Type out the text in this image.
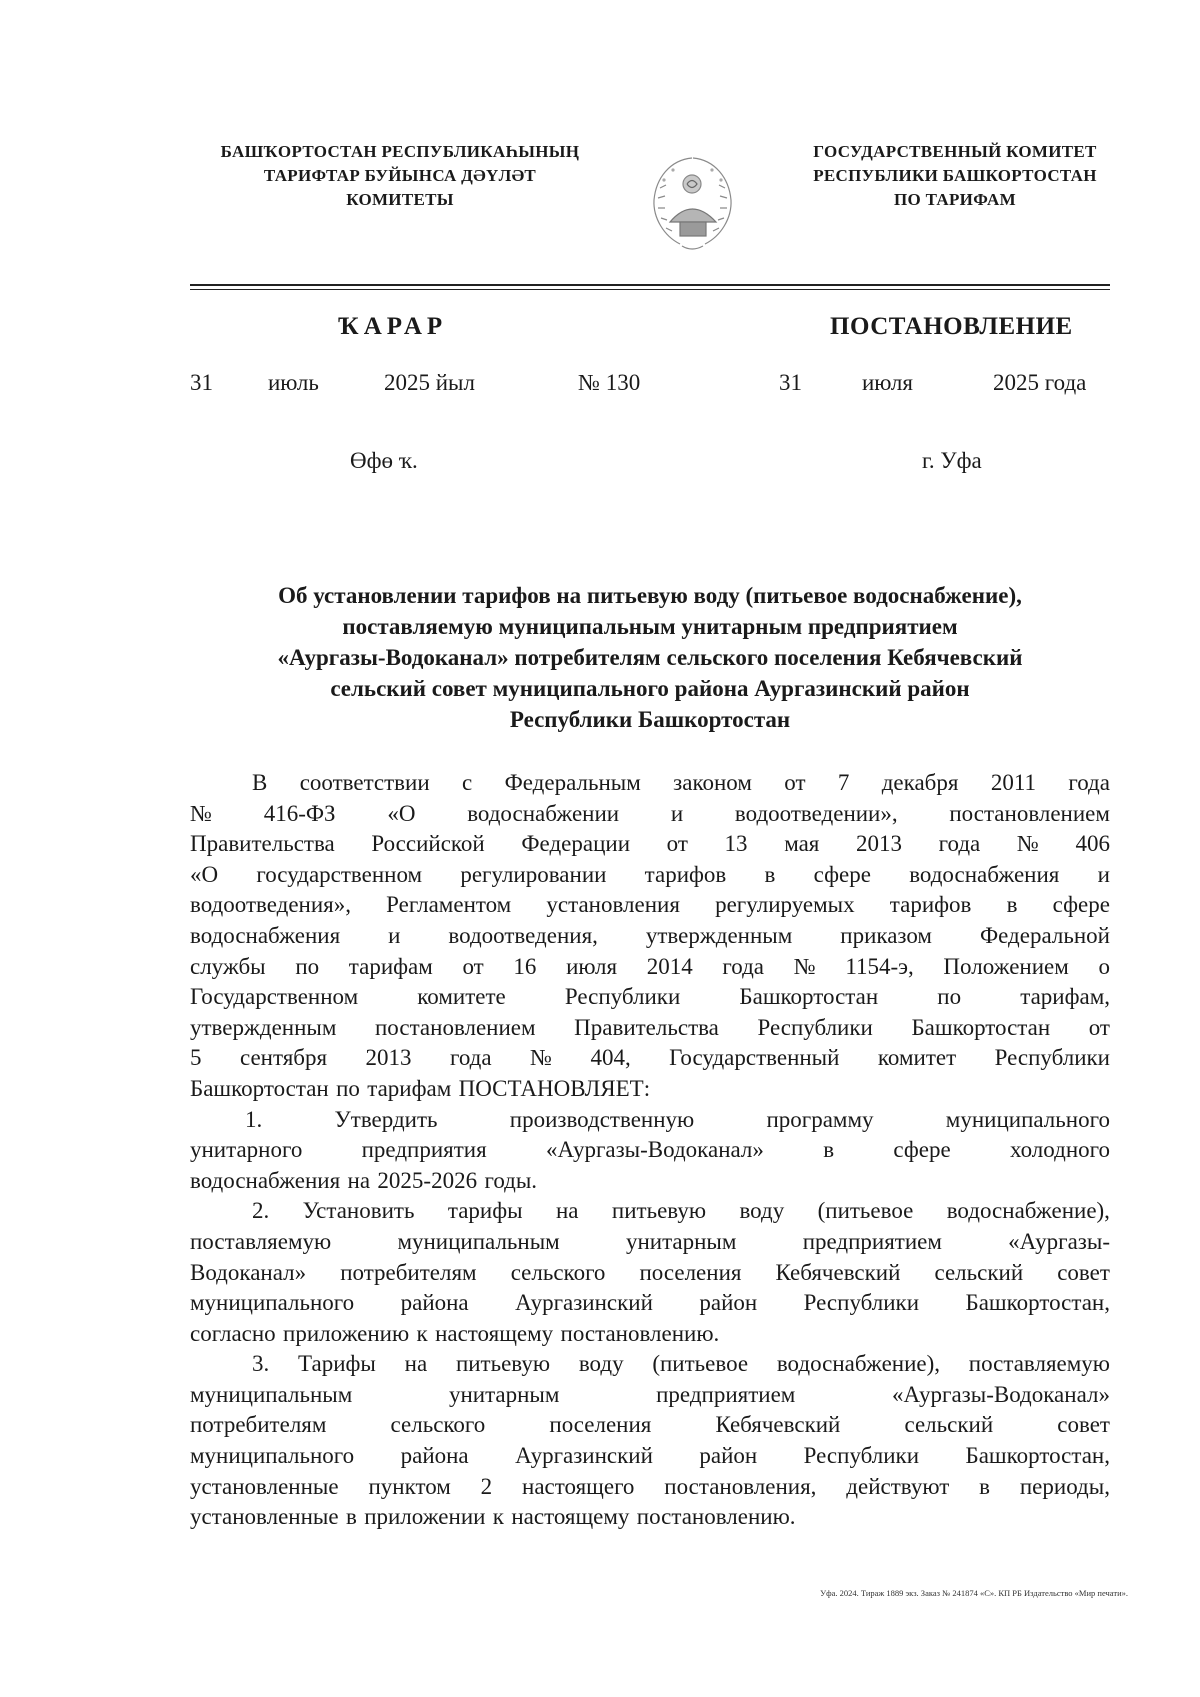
БАШҠОРТОСТАН РЕСПУБЛИКАҺЫНЫҢ
ТАРИФТАР БУЙЫНСА ДӘҮЛӘТ
КОМИТЕТЫ
ГОСУДАРСТВЕННЫЙ КОМИТЕТ
РЕСПУБЛИКИ БАШКОРТОСТАН
ПО ТАРИФАМ
ҠАРАР	ПОСТАНОВЛЕНИЕ
31 июль	2025 йыл	№ 130	31	июля	2025 года
Өфө ҡ.	г. Уфа
Об установлении тарифов на питьевую воду (питьевое водоснабжение),
поставляемую муниципальным унитарным предприятием
«Аургазы-Водоканал» потребителям сельского поселения Кебячевский
сельский совет муниципального района Аургазинский район
Республики Башкортостан
В соответствии с Федеральным законом от 7 декабря 2011 года
№ 416-ФЗ «О водоснабжении и водоотведении», постановлением
Правительства Российской Федерации от 13 мая 2013 года № 406
«О государственном регулировании тарифов в сфере водоснабжения и
водоотведения», Регламентом установления регулируемых тарифов в сфере
водоснабжения и водоотведения, утвержденным приказом Федеральной
службы по тарифам от 16 июля 2014 года № 1154-э, Положением о
Государственном	комитете	Республики	Башкортостан	по	тарифам,
утвержденным постановлением Правительства Республики Башкортостан от
5 сентября 2013 года № 404, Государственный комитет Республики
Башкортостан по тарифам ПОСТАНОВЛЯЕТ:
1.	Утвердить	производственную	программу	муниципального
унитарного	предприятия	«Аургазы-Водоканал»	в	сфере	холодного
водоснабжения на 2025-2026 годы.
2. Установить тарифы на питьевую воду (питьевое водоснабжение),
поставляемую	муниципальным	унитарным	предприятием	«Аургазы-
Водоканал» потребителям сельского поселения Кебячевский сельский совет
муниципального района Аургазинский район Республики Башкортостан,
согласно приложению к настоящему постановлению.
3. Тарифы на питьевую воду (питьевое водоснабжение), поставляемую
муниципальным	унитарным	предприятием	«Аургазы-Водоканал»
потребителям	сельского	поселения	Кебячевский	сельский	совет
муниципального района Аургазинский район Республики Башкортостан,
установленные пунктом 2 настоящего постановления, действуют в периоды,
установленные в приложении к настоящему постановлению.
Уфа. 2024. Тираж 1889 экз. Заказ № 241874 «С». КП РБ Издательство «Мир печати».
